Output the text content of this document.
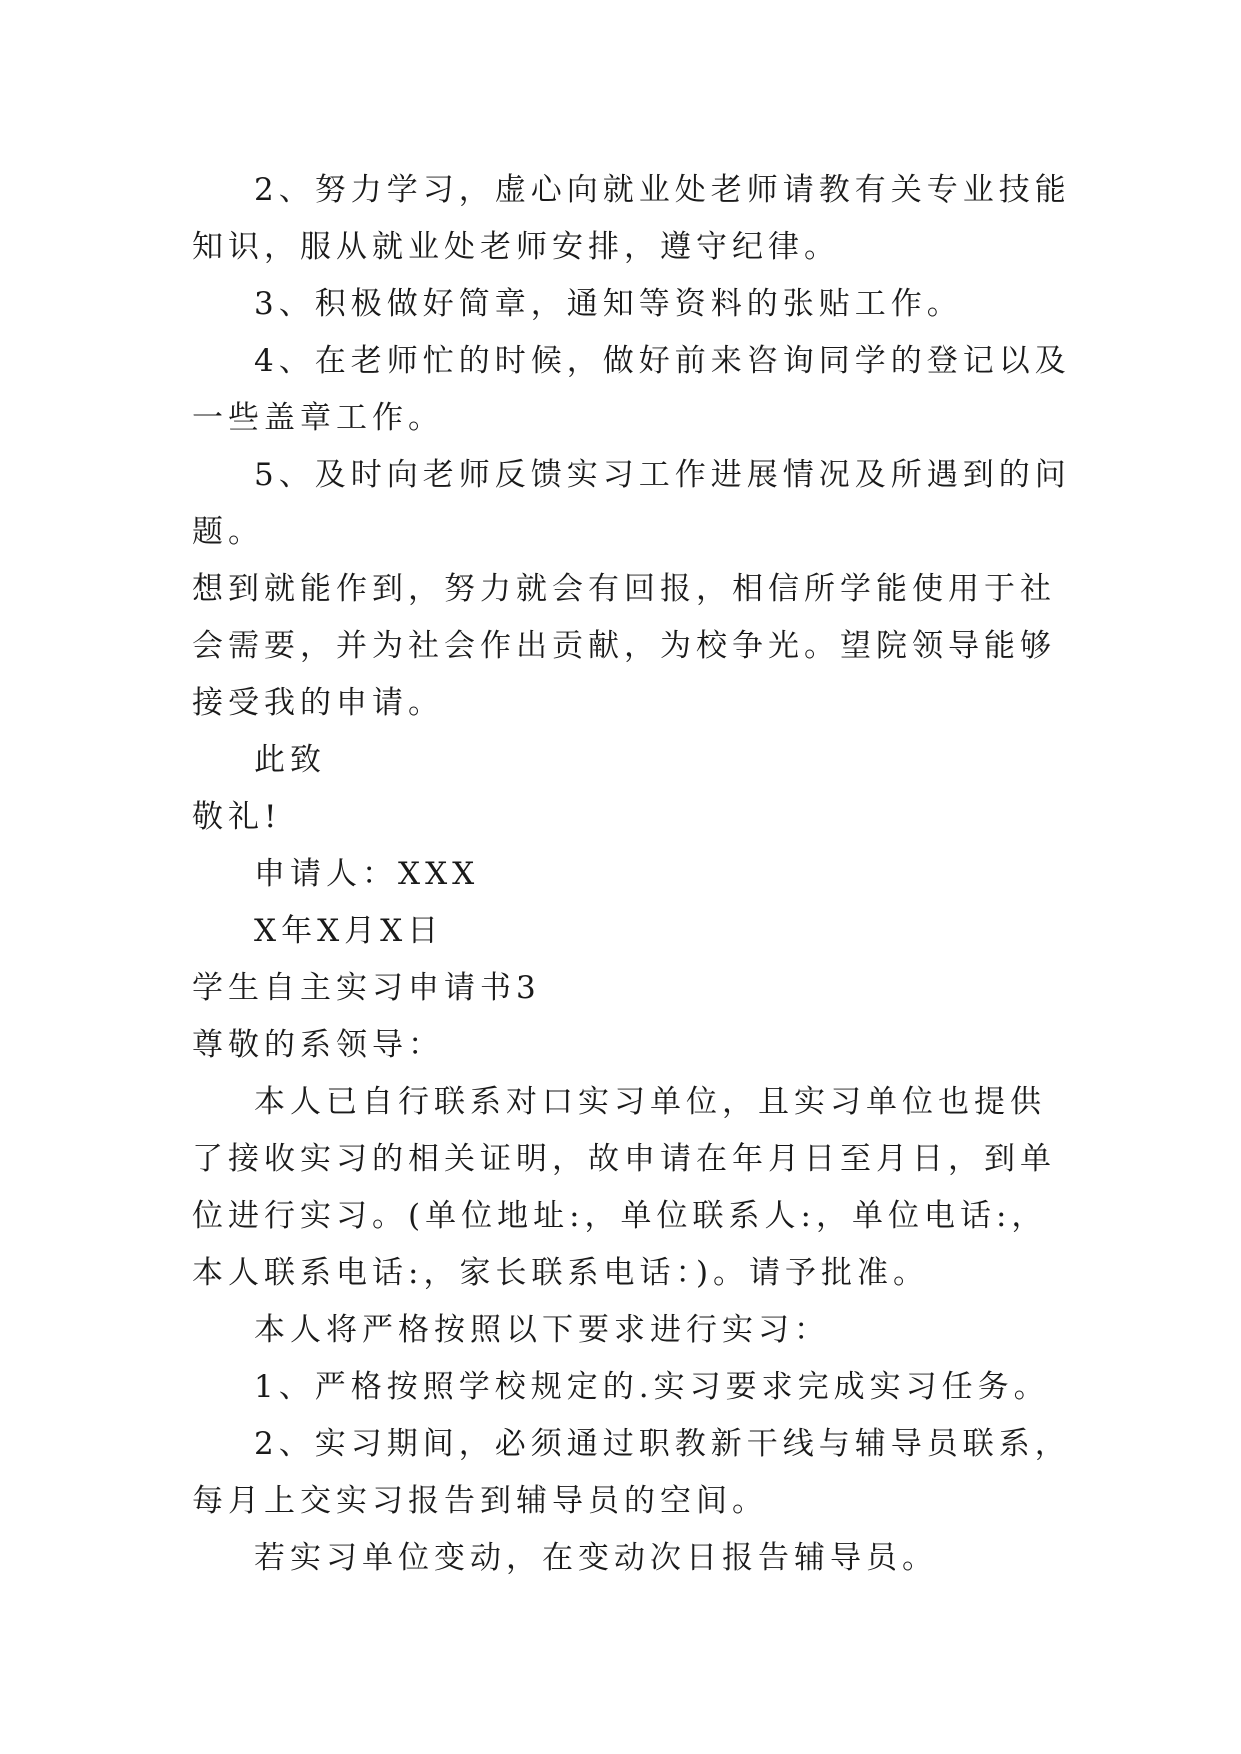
2、努力学习，虚心向就业处老师请教有关专业技能知识，服从就业处老师安排，遵守纪律。

3、积极做好简章，通知等资料的张贴工作。

4、在老师忙的时候，做好前来咨询同学的登记以及一些盖章工作。

5、及时向老师反馈实习工作进展情况及所遇到的问题。

想到就能作到，努力就会有回报，相信所学能使用于社会需要，并为社会作出贡献，为校争光。望院领导能够接受我的申请。

此致

敬礼!

申请人：XXX

X年X月X日

学生自主实习申请书3

尊敬的系领导：

本人已自行联系对口实习单位，且实习单位也提供了接收实习的相关证明，故申请在年月日至月日，到单位进行实习。(单位地址:，单位联系人:，单位电话:，本人联系电话:，家长联系电话：)。请予批准。

本人将严格按照以下要求进行实习：

1、严格按照学校规定的.实习要求完成实习任务。

2、实习期间，必须通过职教新干线与辅导员联系，每月上交实习报告到辅导员的空间。

若实习单位变动，在变动次日报告辅导员。
